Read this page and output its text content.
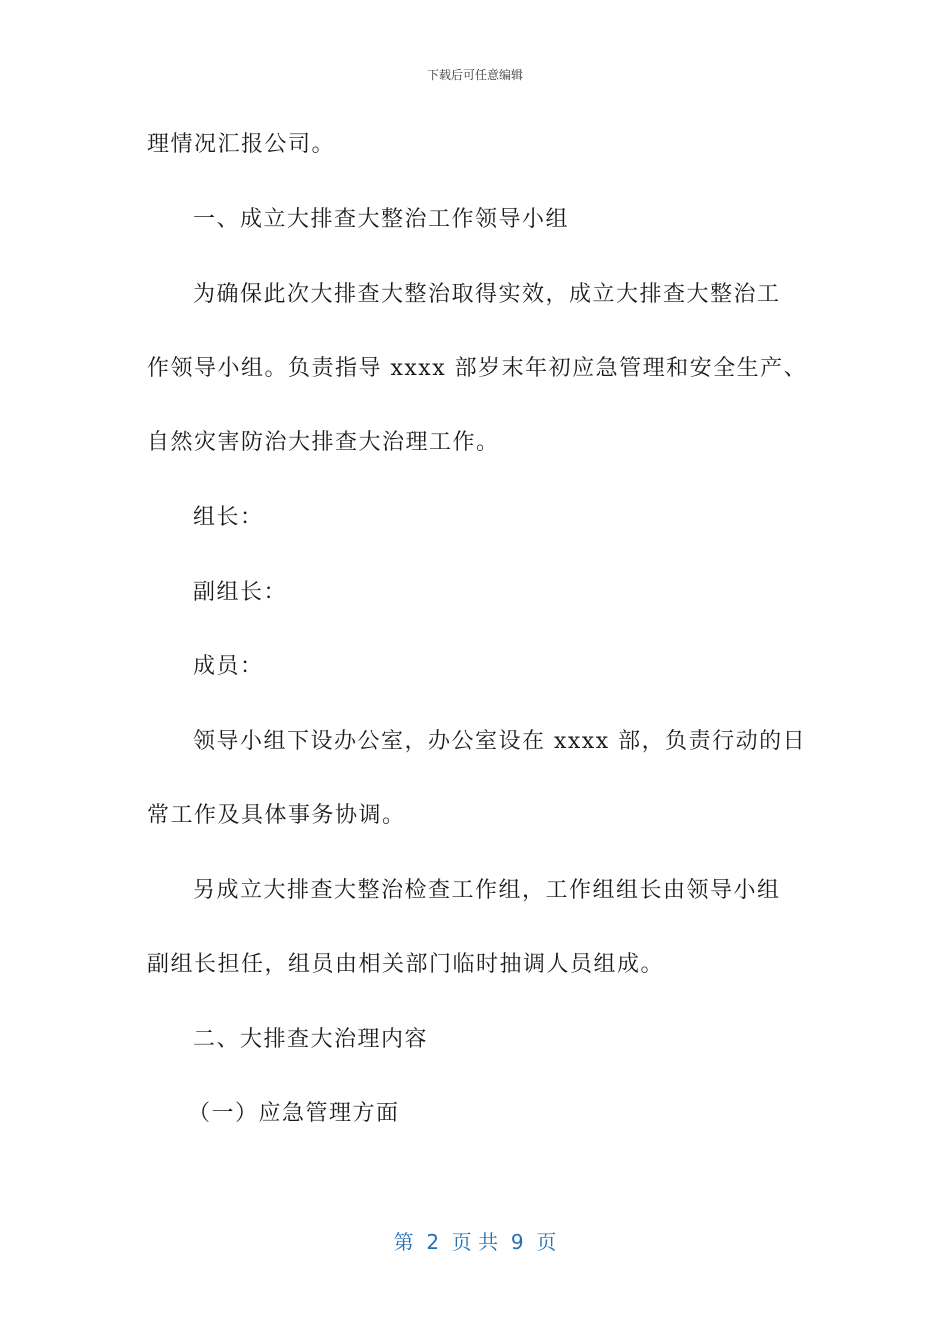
下载后可任意编辑
理情况汇报公司。
一、成立大排查大整治工作领导小组
为确保此次大排查大整治取得实效，成立大排查大整治工
作领导小组。负责指导 xxxx 部岁末年初应急管理和安全生产、
自然灾害防治大排查大治理工作。
组长：
副组长：
成员：
领导小组下设办公室，办公室设在 xxxx 部，负责行动的日
常工作及具体事务协调。
另成立大排查大整治检查工作组，工作组组长由领导小组
副组长担任，组员由相关部门临时抽调人员组成。
二、大排查大治理内容
（一）应急管理方面
第  2  页 共  9  页
